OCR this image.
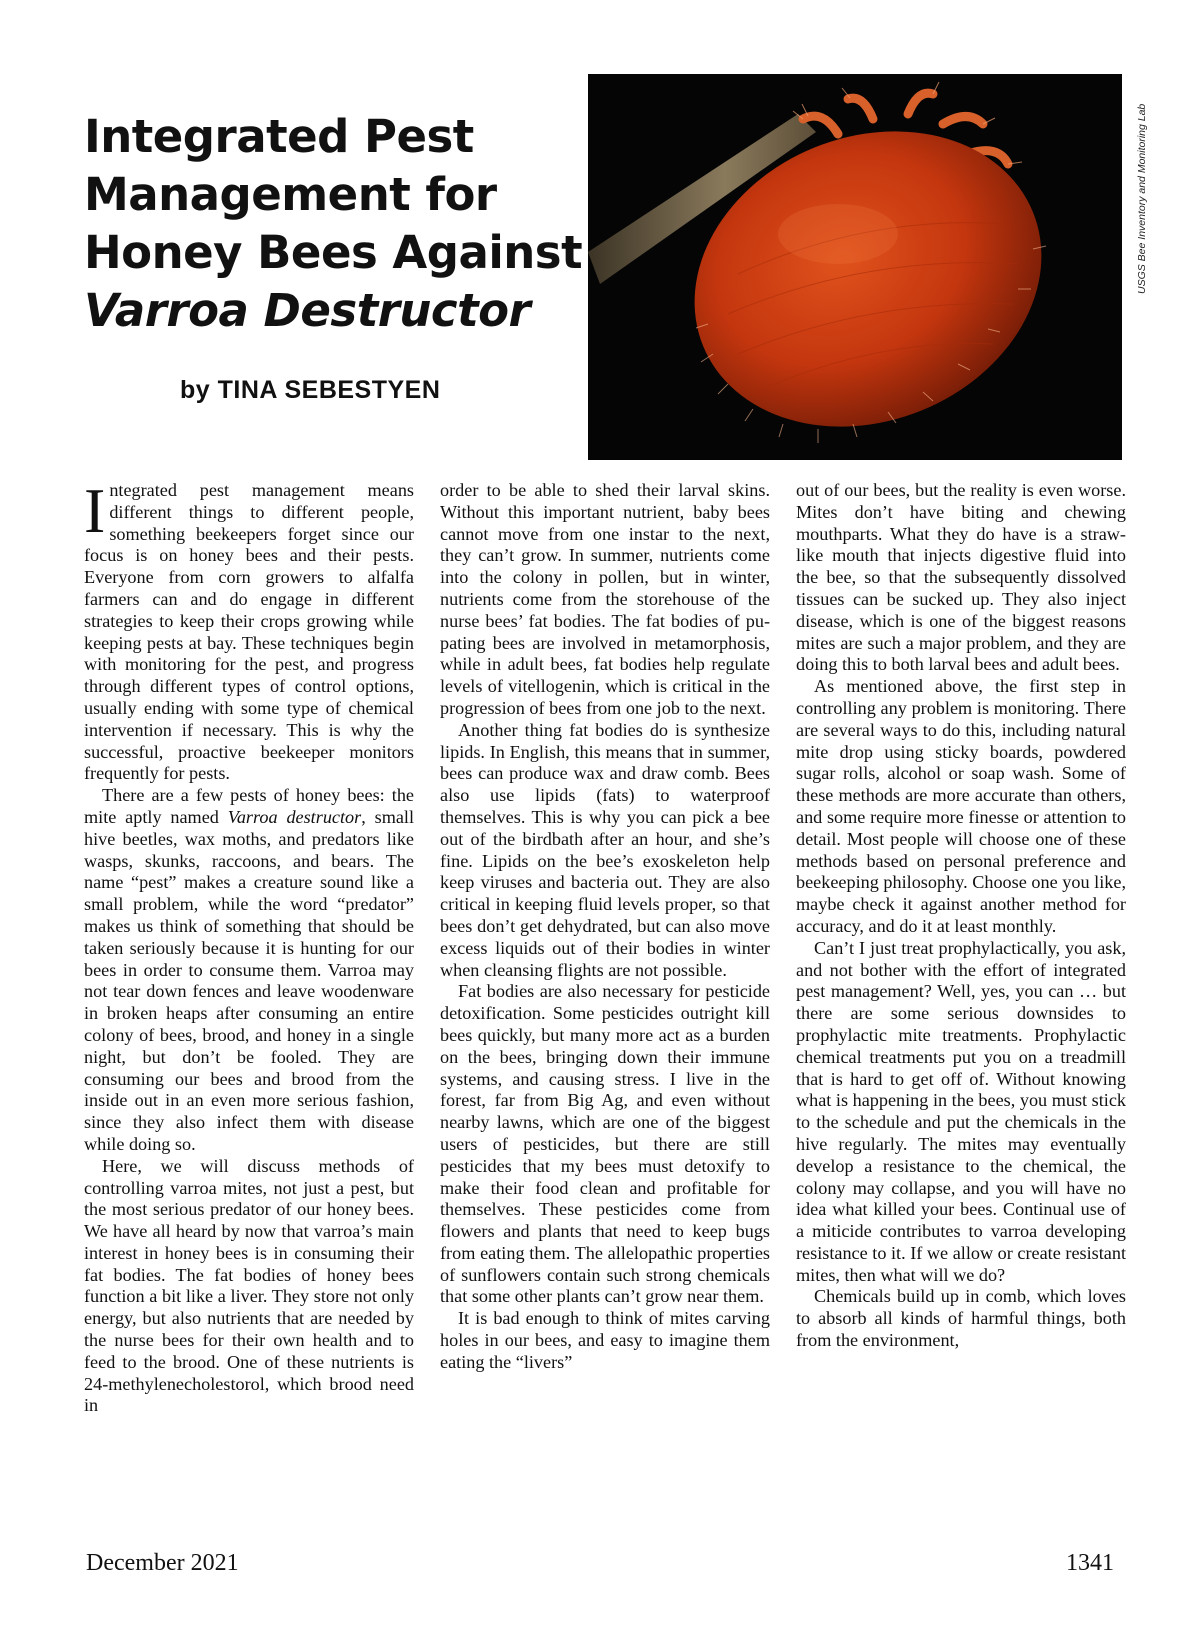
Integrated Pest
Management for
Honey Bees Against
Varroa Destructor
by TINA SEBESTYEN
USGS Bee Inventory and Monitoring Lab

Integrated pest management means different things to different people, something beekeepers forget since our focus is on honey bees and their pests. Everyone from corn growers to alfalfa farmers can and do engage in different strategies to keep their crops growing while keeping pests at bay. These techniques begin with monitoring for the pest, and progress through different types of control options, usually ending with some type of chemical intervention if necessary. This is why the successful, proactive beekeeper monitors frequently for pests.

There are a few pests of honey bees: the mite aptly named Varroa destructor, small hive beetles, wax moths, and predators like wasps, skunks, raccoons, and bears. The name “pest” makes a creature sound like a small problem, while the word “predator” makes us think of something that should be taken seriously because it is hunting for our bees in order to consume them. Varroa may not tear down fences and leave woodenware in broken heaps after consuming an entire colony of bees, brood, and honey in a single night, but don’t be fooled. They are consuming our bees and brood from the inside out in an even more serious fashion, since they also infect them with disease while doing so.

Here, we will discuss methods of controlling varroa mites, not just a pest, but the most serious predator of our honey bees. We have all heard by now that varroa’s main interest in honey bees is in consuming their fat bodies. The fat bodies of honey bees function a bit like a liver. They store not only energy, but also nutrients that are needed by the nurse bees for their own health and to feed to the brood. One of these nutrients is 24-methylenecholestorol, which brood need in

order to be able to shed their larval skins. Without this important nutrient, baby bees cannot move from one instar to the next, they can’t grow. In summer, nutrients come into the colony in pollen, but in winter, nutrients come from the storehouse of the nurse bees’ fat bodies. The fat bodies of pupating bees are involved in metamorphosis, while in adult bees, fat bodies help regulate levels of vitellogenin, which is critical in the progression of bees from one job to the next.

Another thing fat bodies do is synthesize lipids. In English, this means that in summer, bees can produce wax and draw comb. Bees also use lipids (fats) to waterproof themselves. This is why you can pick a bee out of the birdbath after an hour, and she’s fine. Lipids on the bee’s exoskeleton help keep viruses and bacteria out. They are also critical in keeping fluid levels proper, so that bees don’t get dehydrated, but can also move excess liquids out of their bodies in winter when cleansing flights are not possible.

Fat bodies are also necessary for pesticide detoxification. Some pesticides outright kill bees quickly, but many more act as a burden on the bees, bringing down their immune systems, and causing stress. I live in the forest, far from Big Ag, and even without nearby lawns, which are one of the biggest users of pesticides, but there are still pesticides that my bees must detoxify to make their food clean and profitable for themselves. These pesticides come from flowers and plants that need to keep bugs from eating them. The allelopathic properties of sunflowers contain such strong chemicals that some other plants can’t grow near them.

It is bad enough to think of mites carving holes in our bees, and easy to imagine them eating the “livers”

out of our bees, but the reality is even worse. Mites don’t have biting and chewing mouthparts. What they do have is a straw-like mouth that injects digestive fluid into the bee, so that the subsequently dissolved tissues can be sucked up. They also inject disease, which is one of the biggest reasons mites are such a major problem, and they are doing this to both larval bees and adult bees.

As mentioned above, the first step in controlling any problem is monitoring. There are several ways to do this, including natural mite drop using sticky boards, powdered sugar rolls, alcohol or soap wash. Some of these methods are more accurate than others, and some require more finesse or attention to detail. Most people will choose one of these methods based on personal preference and beekeeping philosophy. Choose one you like, maybe check it against another method for accuracy, and do it at least monthly.

Can’t I just treat prophylactically, you ask, and not bother with the effort of integrated pest management? Well, yes, you can … but there are some serious downsides to prophylactic mite treatments. Prophylactic chemical treatments put you on a treadmill that is hard to get off of. Without knowing what is happening in the bees, you must stick to the schedule and put the chemicals in the hive regularly. The mites may eventually develop a resistance to the chemical, the colony may collapse, and you will have no idea what killed your bees. Continual use of a miticide contributes to varroa developing resistance to it. If we allow or create resistant mites, then what will we do?

Chemicals build up in comb, which loves to absorb all kinds of harmful things, both from the environment,

December 2021	1341
